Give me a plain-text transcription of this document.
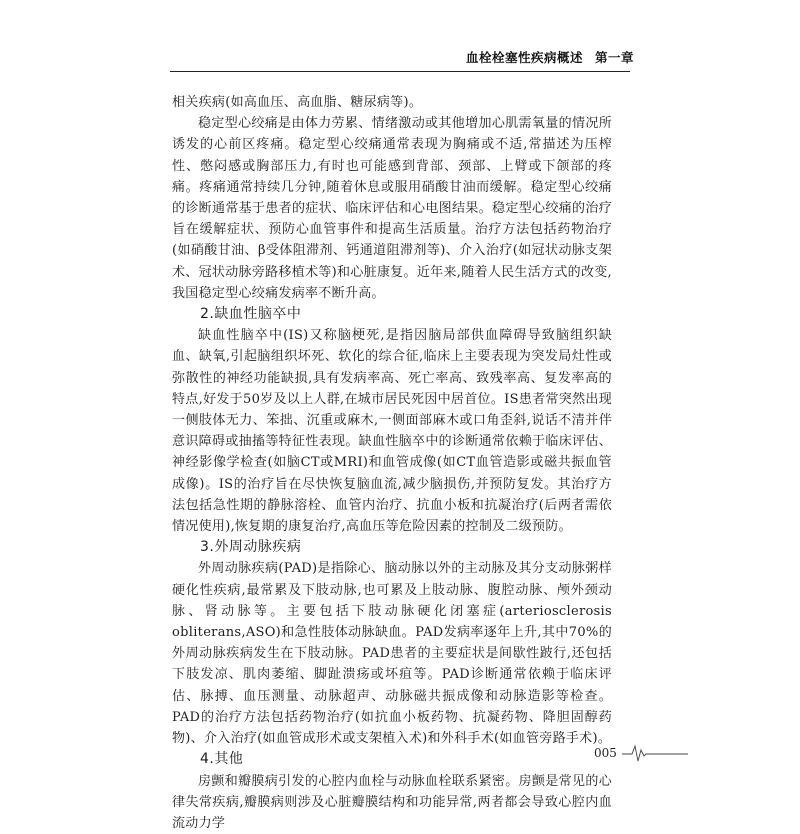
血栓栓塞性疾病概述 第一章

相关疾病(如高血压、高血脂、糖尿病等)。

稳定型心绞痛是由体力劳累、情绪激动或其他增加心肌需氧量的情况所诱发的心前区疼痛。稳定型心绞痛通常表现为胸痛或不适,常描述为压榨性、憋闷感或胸部压力,有时也可能感到背部、颈部、上臂或下颌部的疼痛。疼痛通常持续几分钟,随着休息或服用硝酸甘油而缓解。稳定型心绞痛的诊断通常基于患者的症状、临床评估和心电图结果。稳定型心绞痛的治疗旨在缓解症状、预防心血管事件和提高生活质量。治疗方法包括药物治疗(如硝酸甘油、β受体阻滞剂、钙通道阻滞剂等)、介入治疗(如冠状动脉支架术、冠状动脉旁路移植术等)和心脏康复。近年来,随着人民生活方式的改变,我国稳定型心绞痛发病率不断升高。

2.缺血性脑卒中

缺血性脑卒中(IS)又称脑梗死,是指因脑局部供血障碍导致脑组织缺血、缺氧,引起脑组织坏死、软化的综合征,临床上主要表现为突发局灶性或弥散性的神经功能缺损,具有发病率高、死亡率高、致残率高、复发率高的特点,好发于50岁及以上人群,在城市居民死因中居首位。IS患者常突然出现一侧肢体无力、笨拙、沉重或麻木,一侧面部麻木或口角歪斜,说话不清并伴意识障碍或抽搐等特征性表现。缺血性脑卒中的诊断通常依赖于临床评估、神经影像学检查(如脑CT或MRI)和血管成像(如CT血管造影或磁共振血管成像)。IS的治疗旨在尽快恢复脑血流,减少脑损伤,并预防复发。其治疗方法包括急性期的静脉溶栓、血管内治疗、抗血小板和抗凝治疗(后两者需依情况使用),恢复期的康复治疗,高血压等危险因素的控制及二级预防。

3.外周动脉疾病

外周动脉疾病(PAD)是指除心、脑动脉以外的主动脉及其分支动脉粥样硬化性疾病,最常累及下肢动脉,也可累及上肢动脉、腹腔动脉、颅外颈动脉、肾动脉等。主要包括下肢动脉硬化闭塞症(arteriosclerosis obliterans,ASO)和急性肢体动脉缺血。PAD发病率逐年上升,其中70%的外周动脉疾病发生在下肢动脉。PAD患者的主要症状是间歇性跛行,还包括下肢发凉、肌肉萎缩、脚趾溃疡或坏疽等。PAD诊断通常依赖于临床评估、脉搏、血压测量、动脉超声、动脉磁共振成像和动脉造影等检查。PAD的治疗方法包括药物治疗(如抗血小板药物、抗凝药物、降胆固醇药物)、介入治疗(如血管成形术或支架植入术)和外科手术(如血管旁路手术)。

4.其他

房颤和瓣膜病引发的心腔内血栓与动脉血栓联系紧密。房颤是常见的心律失常疾病,瓣膜病则涉及心脏瓣膜结构和功能异常,两者都会导致心腔内血流动力学

005
